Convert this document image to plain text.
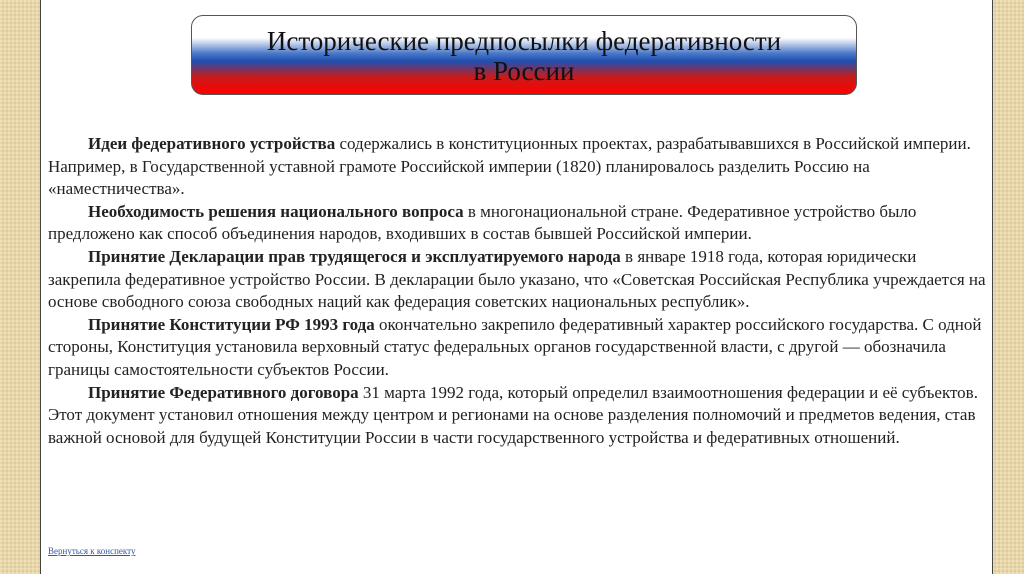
Исторические предпосылки федеративности
в России

Идеи федеративного устройства содержались в конституционных проектах, разрабатывавшихся в Российской империи. Например, в Государственной уставной грамоте Российской империи (1820) планировалось разделить Россию на «наместничества».

Необходимость решения национального вопроса в многонациональной стране. Федеративное устройство было предложено как способ объединения народов, входивших в состав бывшей Российской империи.

Принятие Декларации прав трудящегося и эксплуатируемого народа в январе 1918 года, которая юридически закрепила федеративное устройство России. В декларации было указано, что «Советская Российская Республика учреждается на основе свободного союза свободных наций как федерация советских национальных республик».

Принятие Конституции РФ 1993 года окончательно закрепило федеративный характер российского государства. С одной стороны, Конституция установила верховный статус федеральных органов государственной власти, с другой — обозначила границы самостоятельности субъектов России.

Принятие Федеративного договора 31 марта 1992 года, который определил взаимоотношения федерации и её субъектов. Этот документ установил отношения между центром и регионами на основе разделения полномочий и предметов ведения, став важной основой для будущей Конституции России в части государственного устройства и федеративных отношений.

Вернуться к конспекту
